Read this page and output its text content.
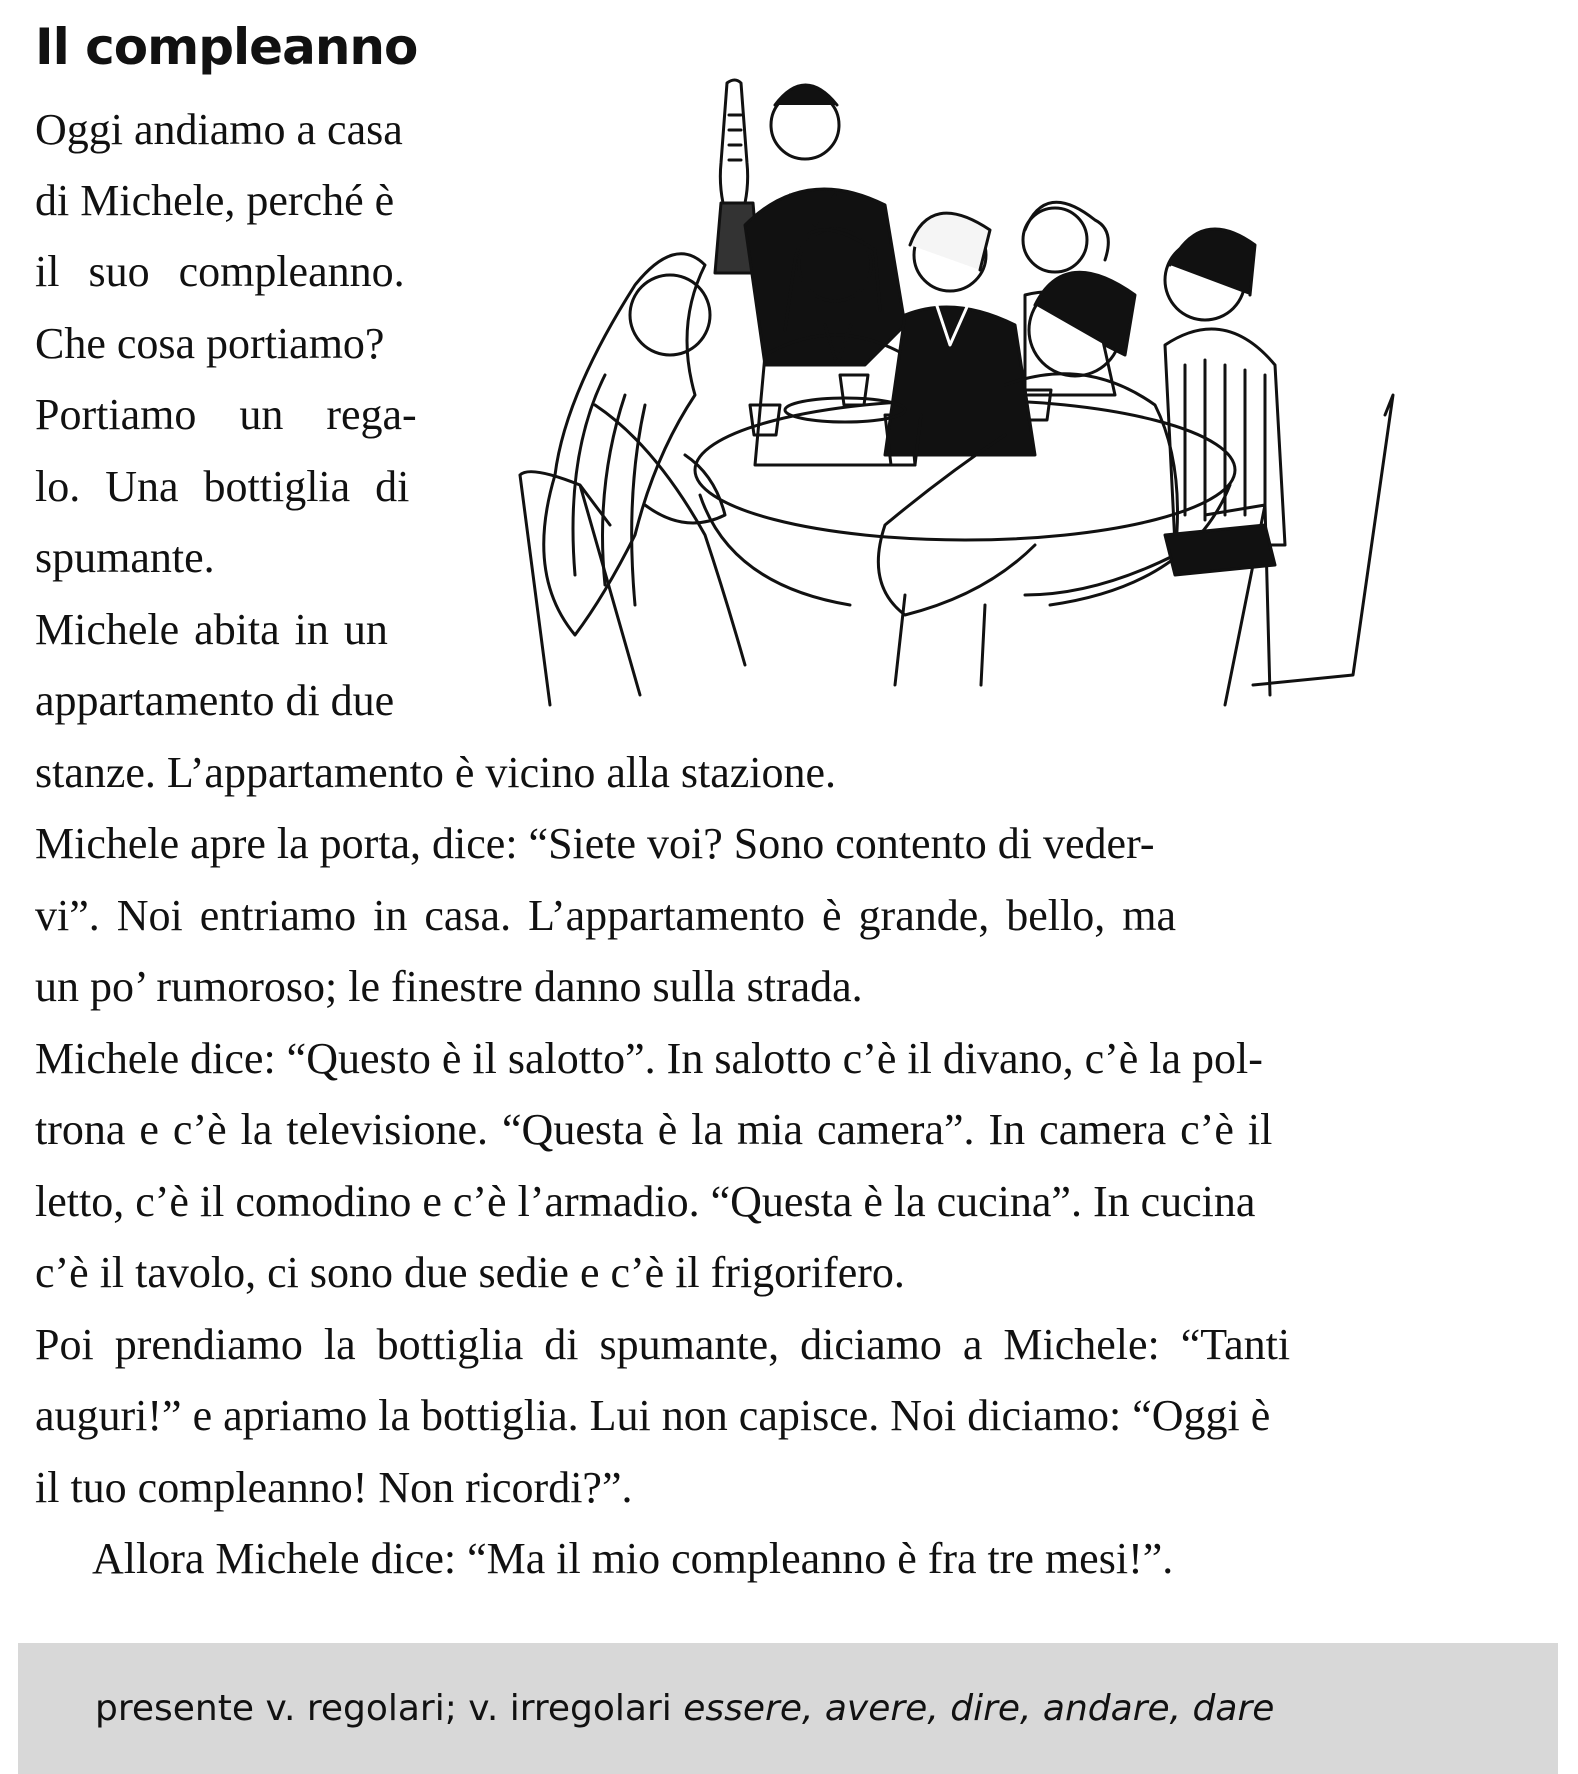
Il compleanno
Oggi andiamo a casa
di Michele, perché è
il suo compleanno.
Che cosa portiamo?
Portiamo un rega-
lo. Una bottiglia di
spumante.
Michele abita in un
appartamento di due
stanze. L’appartamento è vicino alla stazione.
Michele apre la porta, dice: “Siete voi? Sono contento di veder-
vi”. Noi entriamo in casa. L’appartamento è grande, bello, ma
un po’ rumoroso; le finestre danno sulla strada.
Michele dice: “Questo è il salotto”. In salotto c’è il divano, c’è la pol-
trona e c’è la televisione. “Questa è la mia camera”. In camera c’è il
letto, c’è il comodino e c’è l’armadio. “Questa è la cucina”. In cucina
c’è il tavolo, ci sono due sedie e c’è il frigorifero.
Poi prendiamo la bottiglia di spumante, diciamo a Michele: “Tanti
auguri!” e apriamo la bottiglia. Lui non capisce. Noi diciamo: “Oggi è
il tuo compleanno! Non ricordi?”.
Allora Michele dice: “Ma il mio compleanno è fra tre mesi!”.
presente v. regolari; v. irregolari essere, avere, dire, andare, dare
